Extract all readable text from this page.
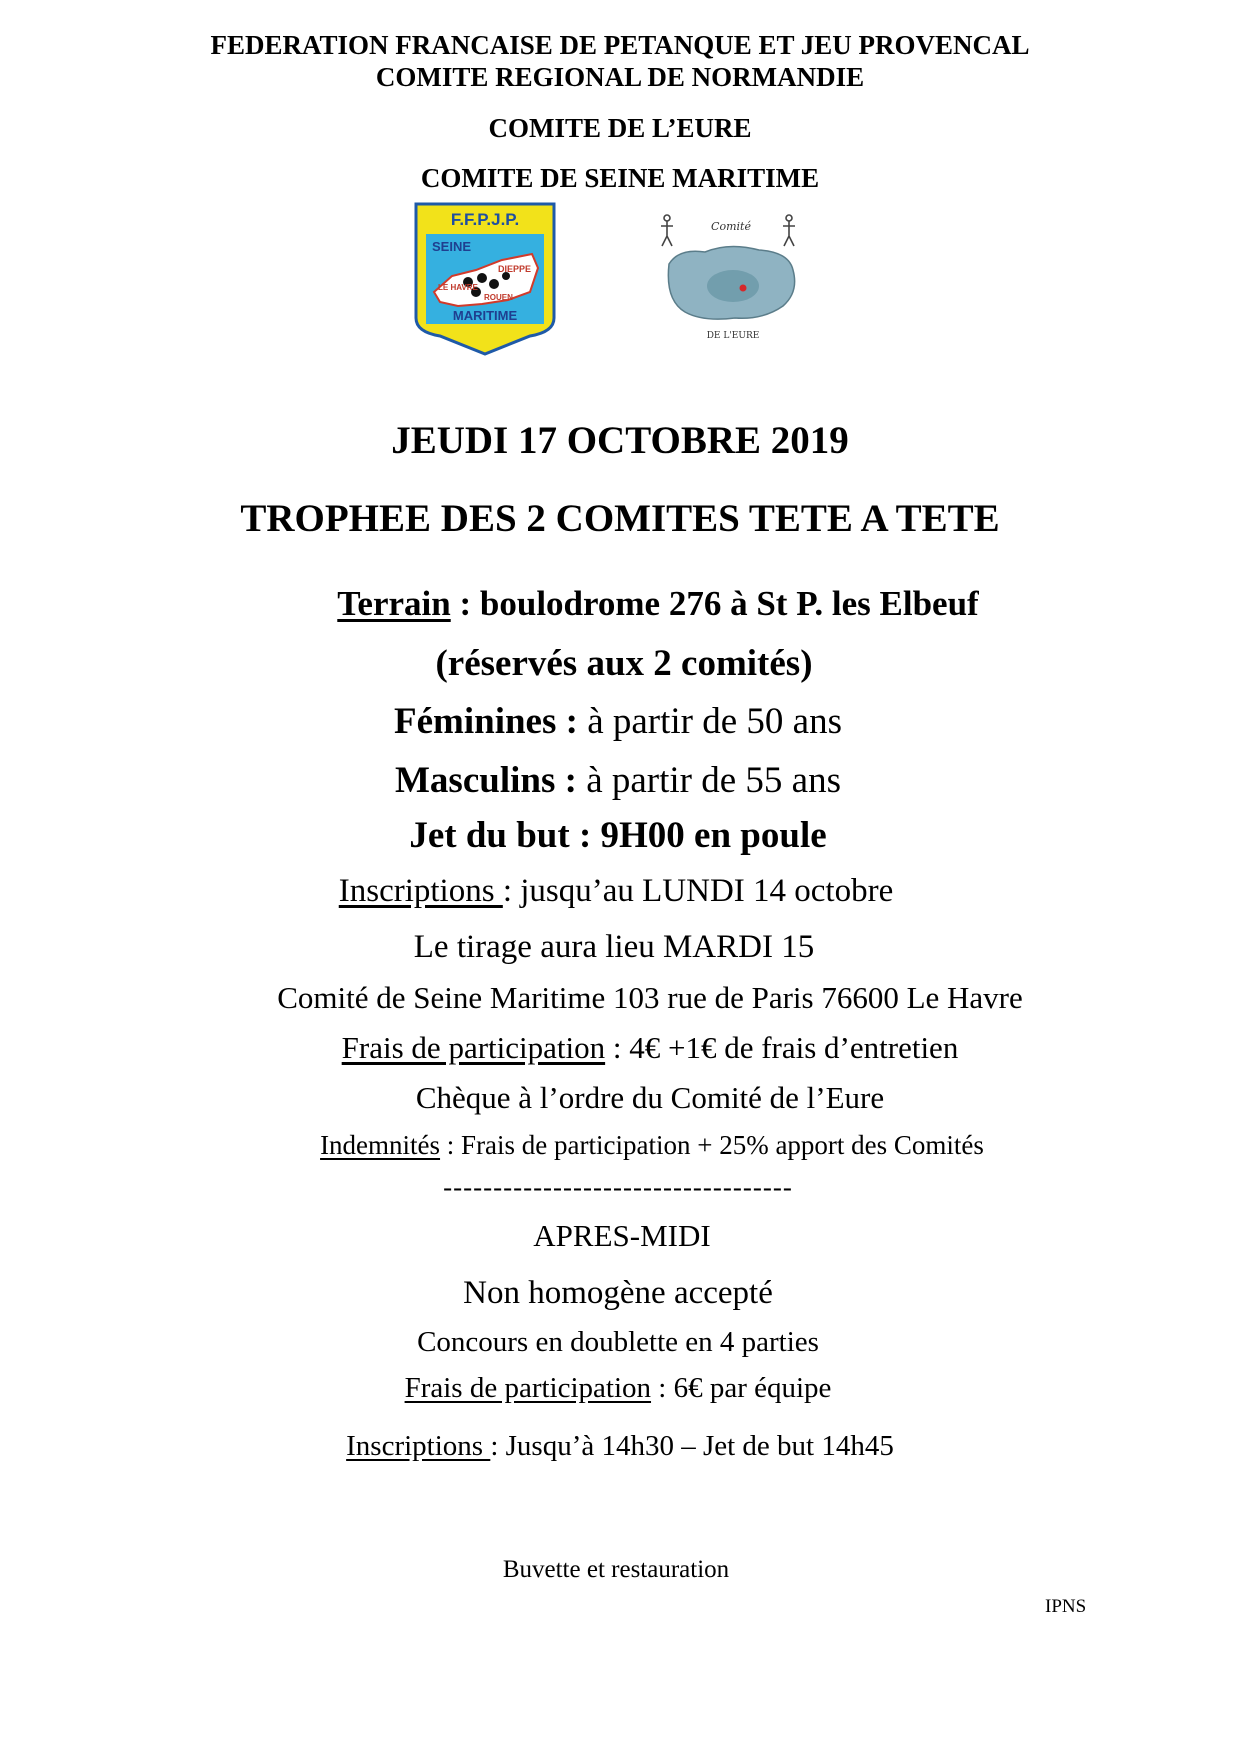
FEDERATION FRANCAISE DE PETANQUE ET JEU PROVENCAL
COMITE REGIONAL DE NORMANDIE
COMITE DE L’EURE
COMITE DE SEINE MARITIME
F.F.P.J.P.
SEINE
DIEPPE
LE HAVRE
ROUEN
MARITIME
Comité
DE L'EURE
JEUDI 17 OCTOBRE 2019
TROPHEE DES 2 COMITES TETE A TETE
Terrain : boulodrome 276 à St P. les Elbeuf
(réservés aux 2 comités)
Féminines : à partir de 50 ans
Masculins : à partir de 55 ans
Jet du but : 9H00 en poule
Inscriptions : jusqu’au LUNDI 14 octobre
Le tirage aura lieu MARDI 15
Comité de Seine Maritime 103 rue de Paris 76600 Le Havre
Frais de participation : 4€ +1€ de frais d’entretien
Chèque à l’ordre du Comité de l’Eure
Indemnités : Frais de participation + 25% apport des Comités
-----------------------------------
APRES-MIDI
Non homogène accepté
Concours en doublette en 4 parties
Frais de participation : 6€ par équipe
Inscriptions : Jusqu’à 14h30 – Jet de but 14h45
Buvette et restauration
IPNS
